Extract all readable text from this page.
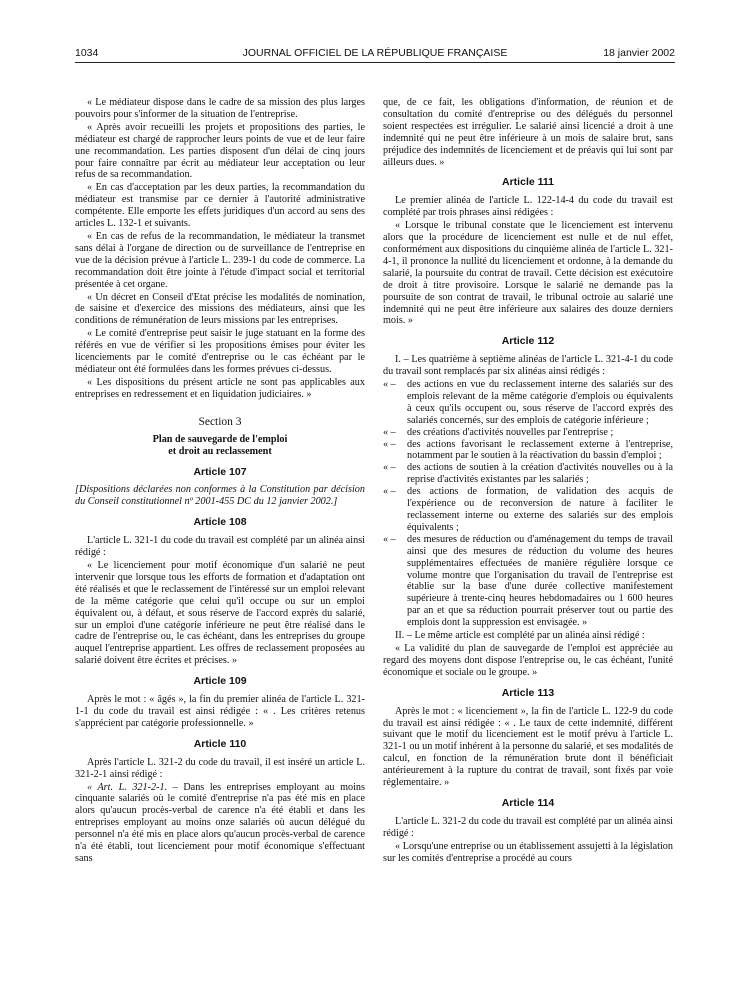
1034	JOURNAL OFFICIEL DE LA RÉPUBLIQUE FRANÇAISE	18 janvier 2002

« Le médiateur dispose dans le cadre de sa mission des plus larges pouvoirs pour s'informer de la situation de l'entreprise.

« Après avoir recueilli les projets et propositions des parties, le médiateur est chargé de rapprocher leurs points de vue et de leur faire une recommandation. Les parties disposent d'un délai de cinq jours pour faire connaître par écrit au médiateur leur acceptation ou leur refus de sa recommandation.

« En cas d'acceptation par les deux parties, la recommandation du médiateur est transmise par ce dernier à l'autorité administrative compétente. Elle emporte les effets juridiques d'un accord au sens des articles L. 132-1 et suivants.

« En cas de refus de la recommandation, le médiateur la transmet sans délai à l'organe de direction ou de surveillance de l'entreprise en vue de la décision prévue à l'article L. 239-1 du code de commerce. La recommandation doit être jointe à l'étude d'impact social et territorial présentée à cet organe.

« Un décret en Conseil d'Etat précise les modalités de nomination, de saisine et d'exercice des missions des médiateurs, ainsi que les conditions de rémunération de leurs missions par les entreprises.

« Le comité d'entreprise peut saisir le juge statuant en la forme des référés en vue de vérifier si les propositions émises pour éviter les licenciements par le comité d'entreprise ou le cas échéant par le médiateur ont été formulées dans les formes prévues ci-dessus.

« Les dispositions du présent article ne sont pas applicables aux entreprises en redressement et en liquidation judiciaires. »

Section 3
Plan de sauvegarde de l'emploi
et droit au reclassement
Article 107

[Dispositions déclarées non conformes à la Constitution par décision du Conseil constitutionnel nº 2001-455 DC du 12 janvier 2002.]

Article 108

L'article L. 321-1 du code du travail est complété par un alinéa ainsi rédigé :

« Le licenciement pour motif économique d'un salarié ne peut intervenir que lorsque tous les efforts de formation et d'adaptation ont été réalisés et que le reclassement de l'intéressé sur un emploi relevant de la même catégorie que celui qu'il occupe ou sur un emploi équivalent ou, à défaut, et sous réserve de l'accord exprès du salarié, sur un emploi d'une catégorie inférieure ne peut être réalisé dans le cadre de l'entreprise ou, le cas échéant, dans les entreprises du groupe auquel l'entreprise appartient. Les offres de reclassement proposées au salarié doivent être écrites et précises. »

Article 109

Après le mot : « âgés », la fin du premier alinéa de l'article L. 321-1-1 du code du travail est ainsi rédigée : « . Les critères retenus s'apprécient par catégorie professionnelle. »

Article 110

Après l'article L. 321-2 du code du travail, il est inséré un article L. 321-2-1 ainsi rédigé :

« Art. L. 321-2-1. – Dans les entreprises employant au moins cinquante salariés où le comité d'entreprise n'a pas été mis en place alors qu'aucun procès-verbal de carence n'a été établi et dans les entreprises employant au moins onze salariés où aucun délégué du personnel n'a été mis en place alors qu'aucun procès-verbal de carence n'a été établi, tout licenciement pour motif économique s'effectuant sans

que, de ce fait, les obligations d'information, de réunion et de consultation du comité d'entreprise ou des délégués du personnel soient respectées est irrégulier. Le salarié ainsi licencié a droit à une indemnité qui ne peut être inférieure à un mois de salaire brut, sans préjudice des indemnités de licenciement et de préavis qui lui sont par ailleurs dues. »

Article 111

Le premier alinéa de l'article L. 122-14-4 du code du travail est complété par trois phrases ainsi rédigées :

« Lorsque le tribunal constate que le licenciement est intervenu alors que la procédure de licenciement est nulle et de nul effet, conformément aux dispositions du cinquième alinéa de l'article L. 321-4-1, il prononce la nullité du licenciement et ordonne, à la demande du salarié, la poursuite du contrat de travail. Cette décision est exécutoire de droit à titre provisoire. Lorsque le salarié ne demande pas la poursuite de son contrat de travail, le tribunal octroie au salarié une indemnité qui ne peut être inférieure aux salaires des douze derniers mois. »

Article 112

I. – Les quatrième à septième alinéas de l'article L. 321-4-1 du code du travail sont remplacés par six alinéas ainsi rédigés :

« – des actions en vue du reclassement interne des salariés sur des emplois relevant de la même catégorie d'emplois ou équivalents à ceux qu'ils occupent ou, sous réserve de l'accord exprès des salariés concernés, sur des emplois de catégorie inférieure ;
« – des créations d'activités nouvelles par l'entreprise ;
« – des actions favorisant le reclassement externe à l'entreprise, notamment par le soutien à la réactivation du bassin d'emploi ;
« – des actions de soutien à la création d'activités nouvelles ou à la reprise d'activités existantes par les salariés ;
« – des actions de formation, de validation des acquis de l'expérience ou de reconversion de nature à faciliter le reclassement interne ou externe des salariés sur des emplois équivalents ;
« – des mesures de réduction ou d'aménagement du temps de travail ainsi que des mesures de réduction du volume des heures supplémentaires effectuées de manière régulière lorsque ce volume montre que l'organisation du travail de l'entreprise est établie sur la base d'une durée collective manifestement supérieure à trente-cinq heures hebdomadaires ou 1 600 heures par an et que sa réduction pourrait préserver tout ou partie des emplois dont la suppression est envisagée. »

II. – Le même article est complété par un alinéa ainsi rédigé :

« La validité du plan de sauvegarde de l'emploi est appréciée au regard des moyens dont dispose l'entreprise ou, le cas échéant, l'unité économique et sociale ou le groupe. »

Article 113

Après le mot : « licenciement », la fin de l'article L. 122-9 du code du travail est ainsi rédigée : « . Le taux de cette indemnité, différent suivant que le motif du licenciement est le motif prévu à l'article L. 321-1 ou un motif inhérent à la personne du salarié, et ses modalités de calcul, en fonction de la rémunération brute dont il bénéficiait antérieurement à la rupture du contrat de travail, sont fixés par voie réglementaire. »

Article 114

L'article L. 321-2 du code du travail est complété par un alinéa ainsi rédigé :

« Lorsqu'une entreprise ou un établissement assujetti à la législation sur les comités d'entreprise a procédé au cours
